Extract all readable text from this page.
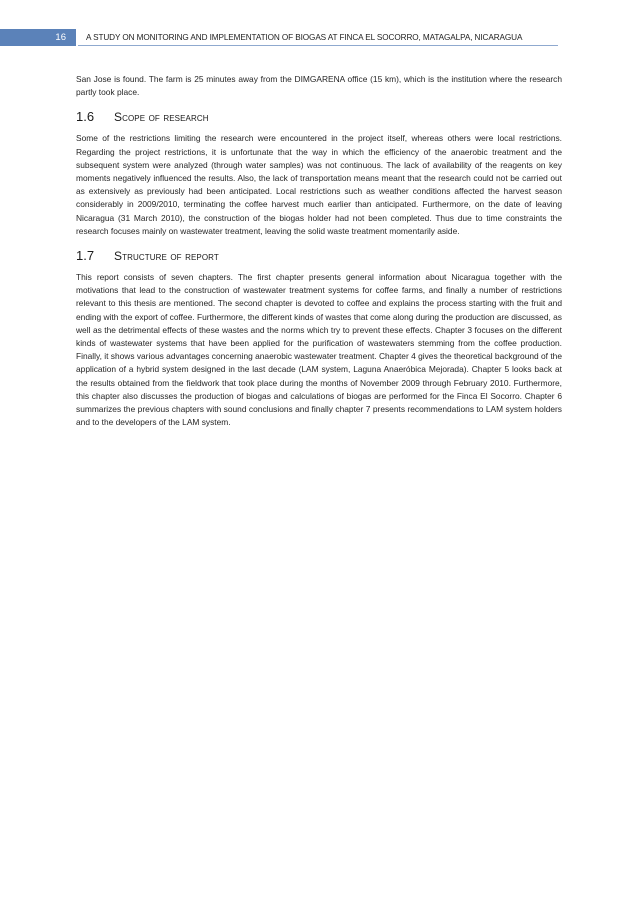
16	A STUDY ON MONITORING AND IMPLEMENTATION OF BIOGAS AT FINCA EL SOCORRO, MATAGALPA, NICARAGUA

San Jose is found. The farm is 25 minutes away from the DIMGARENA office (15 km), which is the institution where the research partly took place.

1.6	Scope of research

Some of the restrictions limiting the research were encountered in the project itself, whereas others were local restrictions. Regarding the project restrictions, it is unfortunate that the way in which the efficiency of the anaerobic treatment and the subsequent system were analyzed (through water samples) was not continuous. The lack of availability of the reagents on key moments negatively influenced the results. Also, the lack of transportation means meant that the research could not be carried out as extensively as previously had been anticipated. Local restrictions such as weather conditions affected the harvest season considerably in 2009/2010, terminating the coffee harvest much earlier than anticipated. Furthermore, on the date of leaving Nicaragua (31 March 2010), the construction of the biogas holder had not been completed. Thus due to time constraints the research focuses mainly on wastewater treatment, leaving the solid waste treatment momentarily aside.

1.7	Structure of report

This report consists of seven chapters. The first chapter presents general information about Nicaragua together with the motivations that lead to the construction of wastewater treatment systems for coffee farms, and finally a number of restrictions relevant to this thesis are mentioned. The second chapter is devoted to coffee and explains the process starting with the fruit and ending with the export of coffee. Furthermore, the different kinds of wastes that come along during the production are discussed, as well as the detrimental effects of these wastes and the norms which try to prevent these effects. Chapter 3 focuses on the different kinds of wastewater systems that have been applied for the purification of wastewaters stemming from the coffee production. Finally, it shows various advantages concerning anaerobic wastewater treatment. Chapter 4 gives the theoretical background of the application of a hybrid system designed in the last decade (LAM system, Laguna Anaeróbica Mejorada). Chapter 5 looks back at the results obtained from the fieldwork that took place during the months of November 2009 through February 2010. Furthermore, this chapter also discusses the production of biogas and calculations of biogas are performed for the Finca El Socorro. Chapter 6 summarizes the previous chapters with sound conclusions and finally chapter 7 presents recommendations to LAM system holders and to the developers of the LAM system.
